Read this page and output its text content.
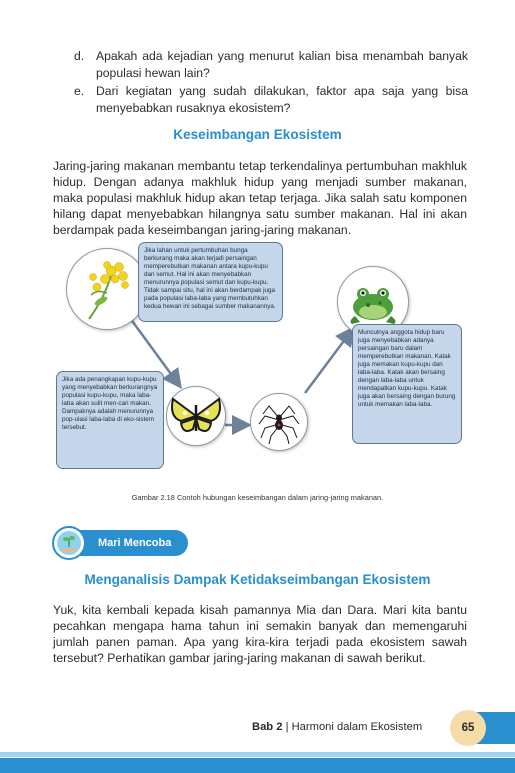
d. Apakah ada kejadian yang menurut kalian bisa menambah banyak populasi hewan lain?
e. Dari kegiatan yang sudah dilakukan, faktor apa saja yang bisa menyebabkan rusaknya ekosistem?
Keseimbangan Ekosistem
Jaring-jaring makanan membantu tetap terkendalinya pertumbuhan makhluk hidup. Dengan adanya makhluk hidup yang menjadi sumber makanan, maka populasi makhluk hidup akan tetap terjaga. Jika salah satu komponen hilang dapat menyebabkan hilangnya satu sumber makanan. Hal ini akan berdampak pada keseimbangan jaring-jaring makanan.
Jika lahan untuk pertumbuhan bunga berkurang maka akan terjadi persaingan memperebutkan makanan antara kupu-kupu dan semut. Hal ini akan menyebabkan menurunnya populasi semut dan kupu-kupu. Tidak sampai situ, hal ini akan berdampak juga pada populasi laba-laba yang membutuhkan kedua hewan ini sebagai sumber makanannya.
Munculnya anggota hidup baru juga menyebabkan adanya persaingan baru dalam memperebutkan makanan. Katak juga memakan kupu-kupu dan laba-laba. Katak akan bersaing dengan laba-laba untuk mendapatkan kupu-kupu. Katak juga akan bersaing dengan burung untuk memakan laba-laba.
Jika ada penangkapan kupu-kupu yang menyebabkan berkurangnya populasi kupu-kupu, maka laba-laba akan sulit men-cari makan. Dampaknya adalah menurunnya pop-ulasi laba-laba di eko-sistem tersebut.
Gambar 2.18 Contoh hubungan keseimbangan dalam jaring-jaring makanan.
Mari Mencoba
Menganalisis Dampak Ketidakseimbangan Ekosistem
Yuk, kita kembali kepada kisah pamannya Mia dan Dara. Mari kita bantu pecahkan mengapa hama tahun ini semakin banyak dan memengaruhi jumlah panen paman. Apa yang kira-kira terjadi pada ekosistem sawah tersebut? Perhatikan gambar jaring-jaring makanan di sawah berikut.
Bab 2 | Harmoni dalam Ekosistem	65
